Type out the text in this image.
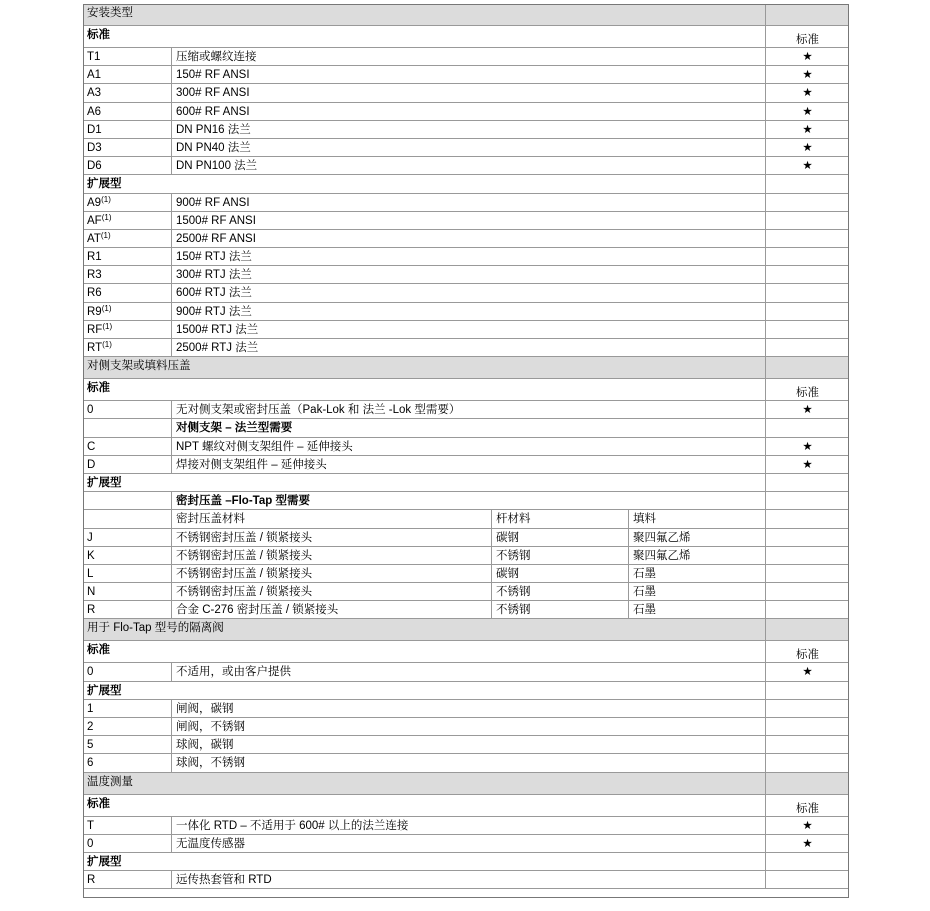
安装类型
标准	标准
T1	压缩或螺纹连接	★
A1	150# RF ANSI	★
A3	300# RF ANSI	★
A6	600# RF ANSI	★
D1	DN PN16 法兰	★
D3	DN PN40 法兰	★
D6	DN PN100 法兰	★
扩展型
A9$^{(1)}$	900# RF ANSI
AF$^{(1)}$	1500# RF ANSI
AT$^{(1)}$	2500# RF ANSI
R1	150# RTJ 法兰
R3	300# RTJ 法兰
R6	600# RTJ 法兰
R9$^{(1)}$	900# RTJ 法兰
RF$^{(1)}$	1500# RTJ 法兰
RT$^{(1)}$	2500# RTJ 法兰
对侧支架或填料压盖
标准	标准
0	无对侧支架或密封压盖（Pak-Lok 和 法兰 -Lok 型需要）	★
对侧支架 – 法兰型需要
C	NPT 螺纹对侧支架组件 – 延伸接头	★
D	焊接对侧支架组件 – 延伸接头	★
扩展型
密封压盖 –Flo-Tap 型需要
密封压盖材料	杆材料	填料
J	不锈钢密封压盖 / 锁紧接头	碳钢	聚四氟乙烯
K	不锈钢密封压盖 / 锁紧接头	不锈钢	聚四氟乙烯
L	不锈钢密封压盖 / 锁紧接头	碳钢	石墨
N	不锈钢密封压盖 / 锁紧接头	不锈钢	石墨
R	合金 C-276 密封压盖 / 锁紧接头	不锈钢	石墨
用于 Flo-Tap 型号的隔离阀
标准	标准
0	不适用，或由客户提供	★
扩展型
1	闸阀，碳钢
2	闸阀，不锈钢
5	球阀，碳钢
6	球阀，不锈钢
温度测量
标准	标准
T	一体化 RTD – 不适用于 600# 以上的法兰连接	★
0	无温度传感器	★
扩展型
R	远传热套管和 RTD
